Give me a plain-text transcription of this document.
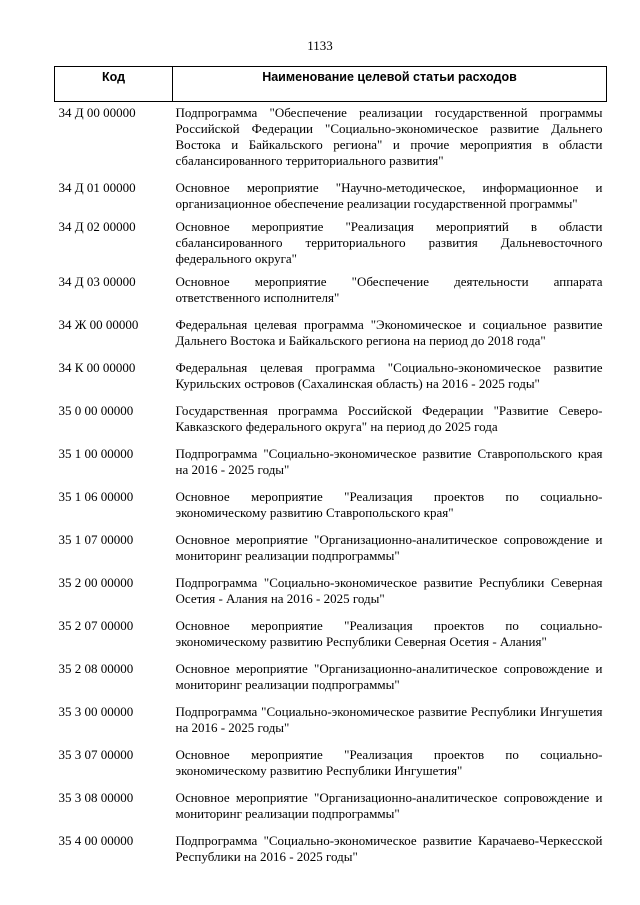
1133
Код	Наименование целевой статьи расходов
34 Д 00 00000	Подпрограмма "Обеспечение реализации государственной программы Российской Федерации "Социально-экономическое развитие Дальнего Востока и Байкальского региона" и прочие мероприятия в области сбалансированного территориального развития"
34 Д 01 00000	Основное мероприятие "Научно-методическое, информационное и организационное обеспечение реализации государственной программы"
34 Д 02 00000	Основное мероприятие "Реализация мероприятий в области сбалансированного территориального развития Дальневосточного федерального округа"
34 Д 03 00000	Основное мероприятие "Обеспечение деятельности аппарата ответственного исполнителя"
34 Ж 00 00000	Федеральная целевая программа "Экономическое и социальное развитие Дальнего Востока и Байкальского региона на период до 2018 года"
34 К 00 00000	Федеральная целевая программа "Социально-экономическое развитие Курильских островов (Сахалинская область) на 2016 - 2025 годы"
35 0 00 00000	Государственная программа Российской Федерации "Развитие Северо-Кавказского федерального округа" на период до 2025 года
35 1 00 00000	Подпрограмма "Социально-экономическое развитие Ставропольского края на 2016 - 2025 годы"
35 1 06 00000	Основное мероприятие "Реализация проектов по социально-экономическому развитию Ставропольского края"
35 1 07 00000	Основное мероприятие "Организационно-аналитическое сопровождение и мониторинг реализации подпрограммы"
35 2 00 00000	Подпрограмма "Социально-экономическое развитие Республики Северная Осетия - Алания на 2016 - 2025 годы"
35 2 07 00000	Основное мероприятие "Реализация проектов по социально-экономическому развитию Республики Северная Осетия - Алания"
35 2 08 00000	Основное мероприятие "Организационно-аналитическое сопровождение и мониторинг реализации подпрограммы"
35 3 00 00000	Подпрограмма "Социально-экономическое развитие Республики Ингушетия на 2016 - 2025 годы"
35 3 07 00000	Основное мероприятие "Реализация проектов по социально-экономическому развитию Республики Ингушетия"
35 3 08 00000	Основное мероприятие "Организационно-аналитическое сопровождение и мониторинг реализации подпрограммы"
35 4 00 00000	Подпрограмма "Социально-экономическое развитие Карачаево-Черкесской Республики на 2016 - 2025 годы"
